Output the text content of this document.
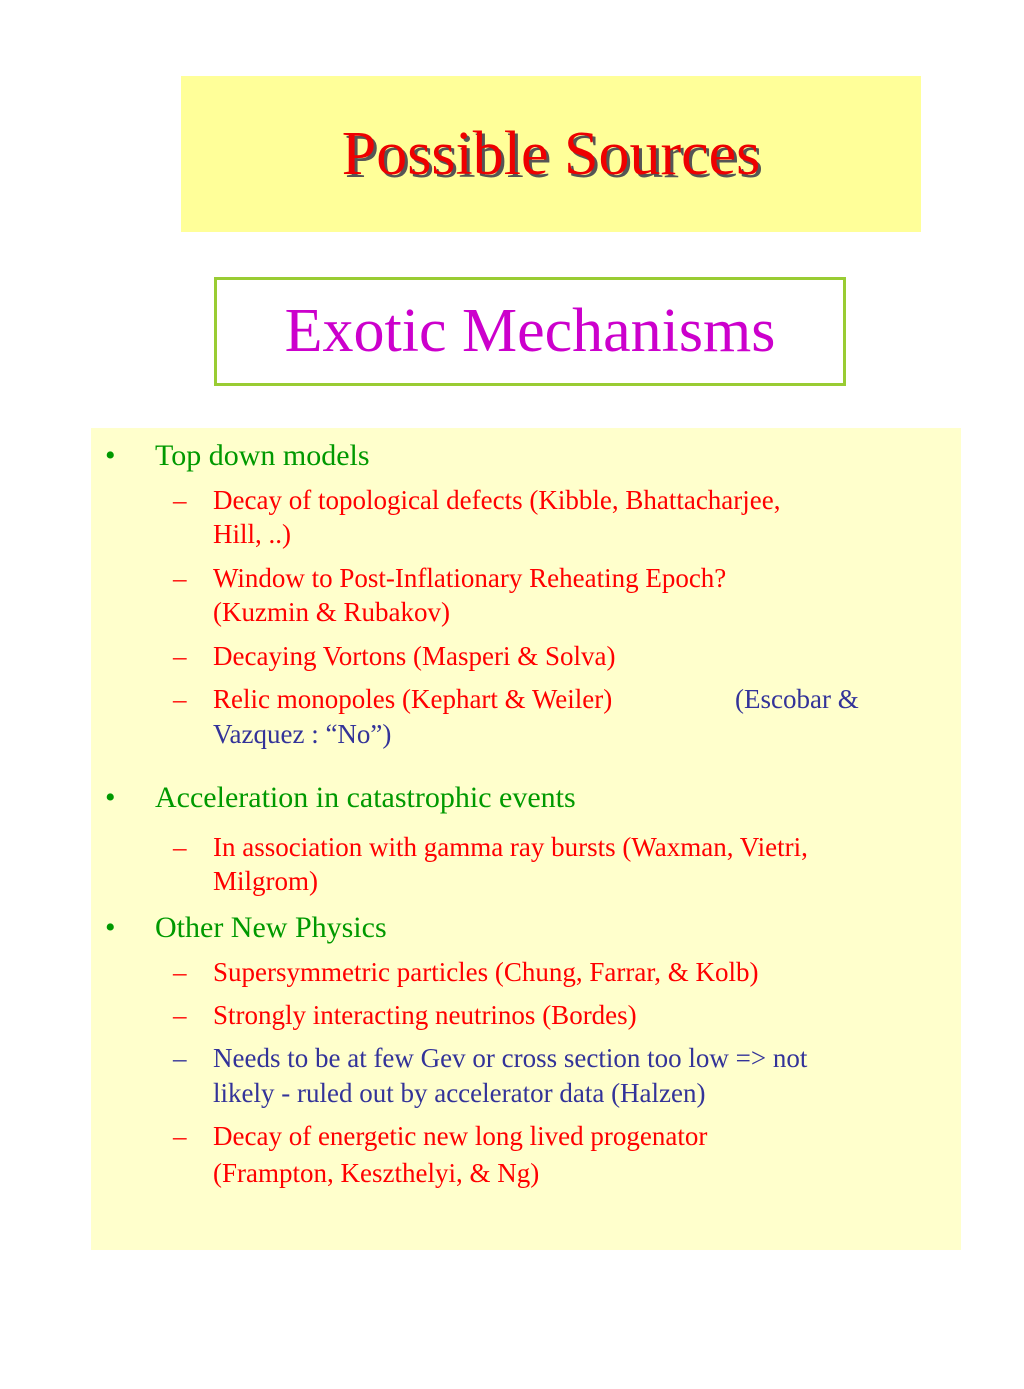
Possible Sources
Exotic Mechanisms
• Top down models
– Decay of topological defects (Kibble, Bhattacharjee,
Hill, ..)
– Window to Post-Inflationary Reheating Epoch?
(Kuzmin & Rubakov)
– Decaying Vortons (Masperi & Solva)
– Relic monopoles (Kephart & Weiler)	(Escobar &
Vazquez : “No”)
• Acceleration in catastrophic events
– In association with gamma ray bursts (Waxman, Vietri,
Milgrom)
• Other New Physics
– Supersymmetric particles (Chung, Farrar, & Kolb)
– Strongly interacting neutrinos (Bordes)
– Needs to be at few Gev or cross section too low => not
likely - ruled out by accelerator data (Halzen)
– Decay of energetic new long lived progenator
(Frampton, Keszthelyi, & Ng)
